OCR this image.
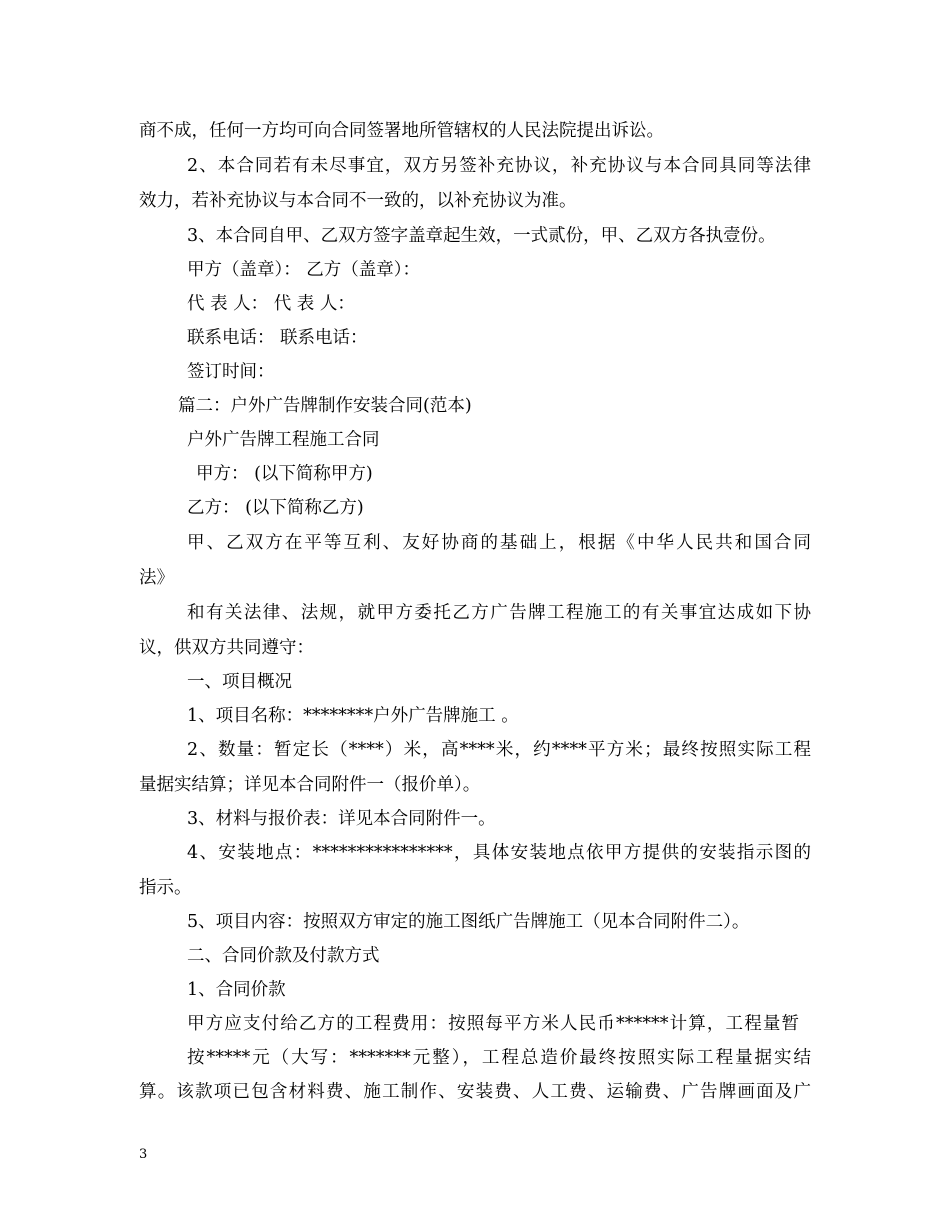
商不成，任何一方均可向合同签署地所管辖权的人民法院提出诉讼。
2、本合同若有未尽事宜，双方另签补充协议，补充协议与本合同具同等法律
效力，若补充协议与本合同不一致的，以补充协议为准。
3、本合同自甲、乙双方签字盖章起生效，一式贰份，甲、乙双方各执壹份。
甲方（盖章）： 乙方（盖章）：
代 表 人： 代 表 人：
联系电话： 联系电话：
签订时间：
篇二：户外广告牌制作安装合同(范本)
户外广告牌工程施工合同
甲方： (以下简称甲方)
乙方： (以下简称乙方)
甲、乙双方在平等互利、友好协商的基础上，根据《中华人民共和国合同
法》
和有关法律、法规，就甲方委托乙方广告牌工程施工的有关事宜达成如下协
议，供双方共同遵守：
一、项目概况
1、项目名称：********户外广告牌施工 。
2、数量：暂定长（****）米，高****米，约****平方米；最终按照实际工程
量据实结算；详见本合同附件一（报价单）。
3、材料与报价表：详见本合同附件一。
4、安装地点：****************，具体安装地点依甲方提供的安装指示图的
指示。
5、项目内容：按照双方审定的施工图纸广告牌施工（见本合同附件二）。
二、合同价款及付款方式
1、合同价款
甲方应支付给乙方的工程费用：按照每平方米人民币******计算，工程量暂
按*****元（大写：*******元整），工程总造价最终按照实际工程量据实结
算。该款项已包含材料费、施工制作、安装费、人工费、运输费、广告牌画面及广
3
